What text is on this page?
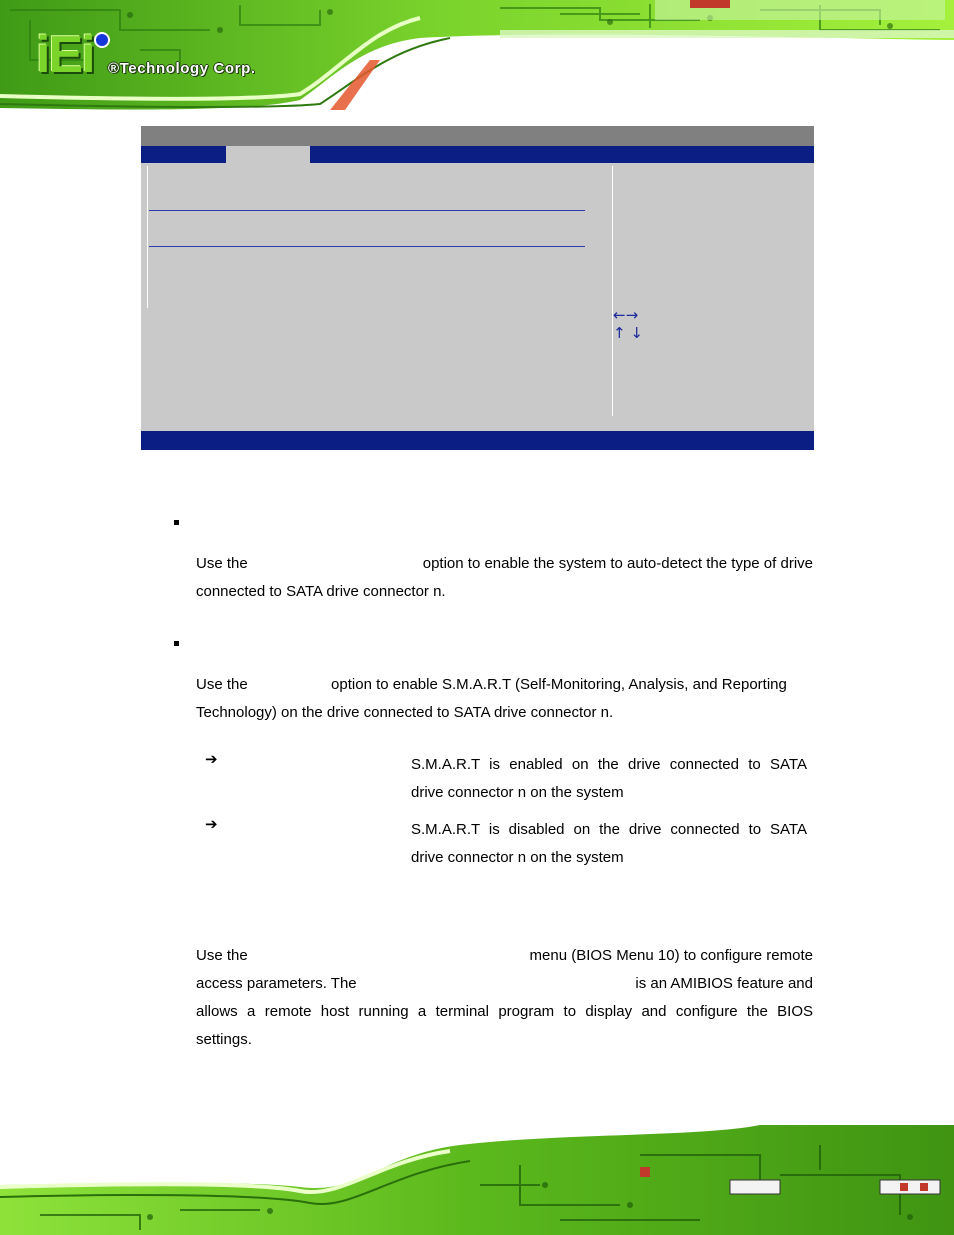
iEi ®Technology Corp.
←→
↑ ↓
Use the	option to enable the system to auto-detect the type of drive
connected to SATA drive connector n.
Use the                    option to enable S.M.A.R.T (Self-Monitoring, Analysis, and Reporting
Technology) on the drive connected to SATA drive connector n.
➔	S.M.A.R.T is enabled on the drive connected to SATA
drive connector n on the system
➔	S.M.A.R.T is disabled on the drive connected to SATA
drive connector n on the system
Use the	menu (BIOS Menu 10) to configure remote
access parameters. The	is an AMIBIOS feature and
allows a remote host running a terminal program to display and configure the BIOS
settings.
